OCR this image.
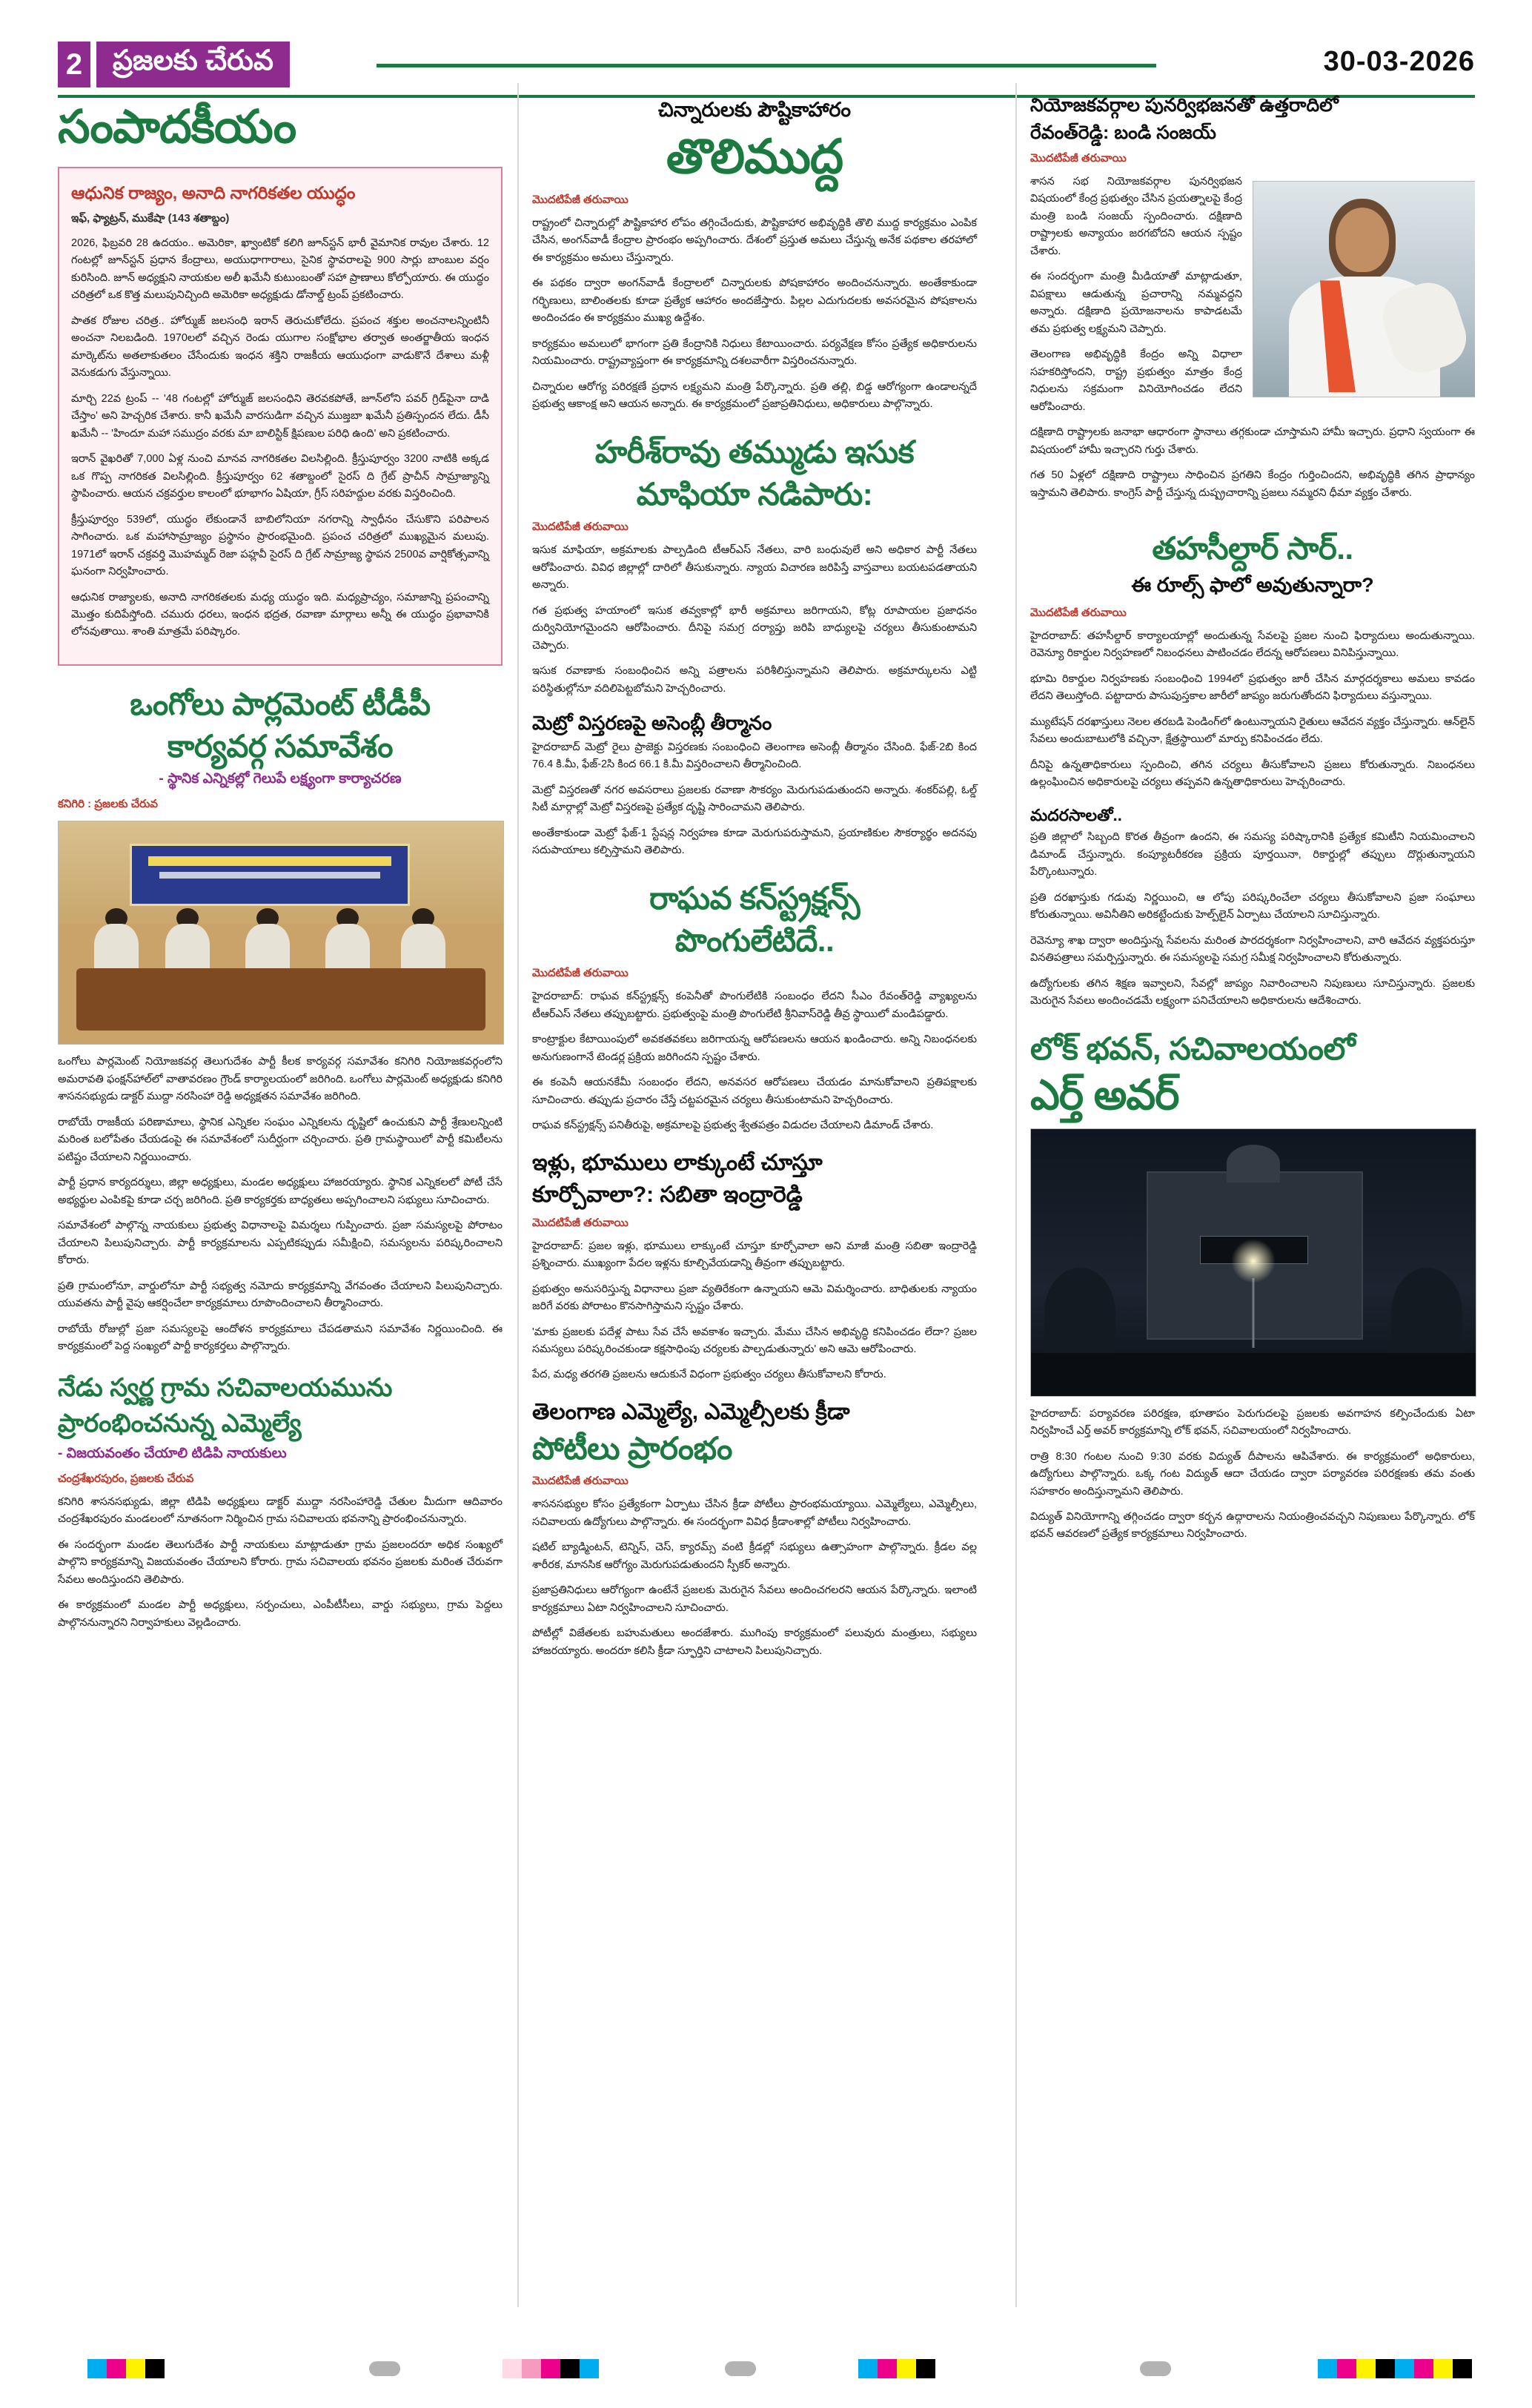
2	ప్రజలకు చేరువ	30-03-2026
సంపాదకీయం
ఆధునిక రాజ్యం, అనాది నాగరికతల యుద్ధం
ఇఫ్, ఫ్యాట్రన్, ముకేషా (143 శతాబ్దం)

2026, ఫిబ్రవరి 28 ఉదయం.. అమెరికా, ఖ్వాంటికో కలిగి జూన్‌స్టన్ భారీ వైమానిక రావుల చేశారు. 12 గంటల్లో జూన్‌స్టన్‌ ప్రధాన కేంద్రాలు, అయుధాగారాలు, సైనిక స్థావరాలపై 900 సార్లు బాంబుల వర్షం కురిసింది. జూన్ అధ్యక్షుని నాయకుల అలీ ఖమేనీ కుటుంబంతో సహా ప్రాణాలు కోల్పోయారు. ఈ యుద్ధం చరిత్రలో ఒక కొత్త మలుపునిచ్చింది అమెరికా అధ్యక్షుడు డోనాల్డ్ ట్రంప్ ప్రకటించారు.

పాతక రోజుల చరిత్ర.. హోర్ముజ్ జలసంధి ఇరాన్ తెరుచుకోలేదు. ప్రపంచ శక్తుల అంచనాలన్నింటినీ అంచనా నిలబడింది. 1970లలో వచ్చిన రెండు యుగాల సంక్షోభాల తర్వాత అంతర్జాతీయ ఇంధన మార్కెట్‌ను అతలాకుతలం చేసేందుకు ఇంధన శక్తిని రాజకీయ ఆయుధంగా వాడుకొనే దేశాలు మళ్లీ వెనుకడుగు వేస్తున్నాయి.

మార్చి 22వ ట్రంప్ -- '48 గంటల్లో హోర్ముజ్ జలసంధిని తెరవకపోతే, జూన్‌లోని పవర్ గ్రిడ్‌పైనా దాడి చేస్తాం' అని హెచ్చరిక చేశారు. కానీ ఖమేనీ వారసుడిగా వచ్చిన ముజ్తబా ఖమేనీ ప్రతిస్పందన లేదు. డీసీ ఖమేనీ -- 'హిందూ మహా సముద్రం వరకు మా బాలిస్టిక్ క్షిపణుల పరిధి ఉంది' అని ప్రకటించారు.

ఇరాన్ వైఖరితో 7,000 ఏళ్ల నుంచి మానవ నాగరికతల విలసిల్లింది. క్రీస్తుపూర్వం 3200 నాటికి అక్కడ ఒక గొప్ప నాగరికత విలసిల్లింది. క్రీస్తుపూర్వం 62 శతాబ్దంలో సైరస్ ది గ్రేట్ ప్రాచీన్ సామ్రాజ్యాన్ని స్థాపించారు. ఆయన చక్రవర్తుల కాలంలో భూభాగం ఏషియా, గ్రీస్ సరిహద్దుల వరకు విస్తరించింది.

క్రీస్తుపూర్వం 539లో, యుద్ధం లేకుండానే బాబిలోనియా నగరాన్ని స్వాధీనం చేసుకొని పరిపాలన సాగించారు. ఒక మహాసామ్రాజ్యం ప్రస్థానం ప్రారంభమైంది. ప్రపంచ చరిత్రలో ముఖ్యమైన మలుపు. 1971లో ఇరాన్ చక్రవర్తి మొహమ్మద్ రెజా పహ్లవీ సైరస్ ది గ్రేట్ సామ్రాజ్య స్థాపన 2500వ వార్షికోత్సవాన్ని ఘనంగా నిర్వహించారు.

ఆధునిక రాజ్యాలకు, అనాది నాగరికతలకు మధ్య యుద్ధం ఇది. మధ్యప్రాచ్యం, సమాజాన్ని ప్రపంచాన్ని మొత్తం కుదిపేస్తోంది. చమురు ధరలు, ఇంధన భద్రత, రవాణా మార్గాలు అన్నీ ఈ యుద్ధం ప్రభావానికి లోనవుతాయి. శాంతి మాత్రమే పరిష్కారం.

ఒంగోలు పార్లమెంట్ టీడీపీ
కార్యవర్గ సమావేశం
- స్థానిక ఎన్నికల్లో గెలుపే లక్ష్యంగా కార్యాచరణ
కనిగిరి : ప్రజలకు చేరువ

ఒంగోలు పార్లమెంట్ నియోజకవర్గ తెలుగుదేశం పార్టీ కీలక కార్యవర్గ సమావేశం కనిగిరి నియోజకవర్గంలోని అమరావతి ఫంక్షన్‌హాల్‌లో వాతావరణం గ్రౌండ్ కార్యాలయంలో జరిగింది. ఒంగోలు పార్లమెంట్ అధ్యక్షుడు కనిగిరి శాసనసభ్యుడు డాక్టర్ ముద్దా నరసింహా రెడ్డి అధ్యక్షతన సమావేశం జరిగింది.

రాబోయే రాజకీయ పరిణామాలు, స్థానిక ఎన్నికల సంఘం ఎన్నికలను దృష్టిలో ఉంచుకుని పార్టీ శ్రేణులన్నింటి మరింత బలోపేతం చేయడంపై ఈ సమావేశంలో సుదీర్ఘంగా చర్చించారు. ప్రతి గ్రామస్థాయిలో పార్టీ కమిటీలను పటిష్టం చేయాలని నిర్ణయించారు.

పార్టీ ప్రధాన కార్యదర్శులు, జిల్లా అధ్యక్షులు, మండల అధ్యక్షులు హాజరయ్యారు. స్థానిక ఎన్నికలలో పోటీ చేసే అభ్యర్థుల ఎంపికపై కూడా చర్చ జరిగింది. ప్రతి కార్యకర్తకు బాధ్యతలు అప్పగించాలని సభ్యులు సూచించారు.

సమావేశంలో పాల్గొన్న నాయకులు ప్రభుత్వ విధానాలపై విమర్శలు గుప్పించారు. ప్రజా సమస్యలపై పోరాటం చేయాలని పిలుపునిచ్చారు. పార్టీ కార్యక్రమాలను ఎప్పటికప్పుడు సమీక్షించి, సమస్యలను పరిష్కరించాలని కోరారు.

ప్రతి గ్రామంలోనూ, వార్డులోనూ పార్టీ సభ్యత్వ నమోదు కార్యక్రమాన్ని వేగవంతం చేయాలని పిలుపునిచ్చారు. యువతను పార్టీ వైపు ఆకర్షించేలా కార్యక్రమాలు రూపొందించాలని తీర్మానించారు.

రాబోయే రోజుల్లో ప్రజా సమస్యలపై ఆందోళన కార్యక్రమాలు చేపడతామని సమావేశం నిర్ణయించింది. ఈ కార్యక్రమంలో పెద్ద సంఖ్యలో పార్టీ కార్యకర్తలు పాల్గొన్నారు.

నేడు స్వర్ణ గ్రామ సచివాలయమును
ప్రారంభించనున్న ఎమ్మెల్యే
- విజయవంతం చేయాలి టిడిపి నాయకులు
చంద్రశేఖరపురం, ప్రజలకు చేరువ

కనిగిరి శాసనసభ్యుడు, జిల్లా టిడిపి అధ్యక్షులు డాక్టర్ ముద్దా నరసింహారెడ్డి చేతుల మీదుగా ఆదివారం చంద్రశేఖరపురం మండలంలో నూతనంగా నిర్మించిన గ్రామ సచివాలయ భవనాన్ని ప్రారంభించనున్నారు.

ఈ సందర్భంగా మండల తెలుగుదేశం పార్టీ నాయకులు మాట్లాడుతూ గ్రామ ప్రజలందరూ అధిక సంఖ్యలో పాల్గొని కార్యక్రమాన్ని విజయవంతం చేయాలని కోరారు. గ్రామ సచివాలయ భవనం ప్రజలకు మరింత చేరువగా సేవలు అందిస్తుందని తెలిపారు.

ఈ కార్యక్రమంలో మండల పార్టీ అధ్యక్షులు, సర్పంచులు, ఎంపీటీసీలు, వార్డు సభ్యులు, గ్రామ పెద్దలు పాల్గొననున్నారని నిర్వాహకులు వెల్లడించారు.

చిన్నారులకు పౌష్టికాహారం
తొలిముద్ద
మొదటిపేజీ తరువాయి

రాష్ట్రంలో చిన్నారుల్లో పౌష్టికాహార లోపం తగ్గించేందుకు, పౌష్టికాహార అభివృద్ధికి తొలి ముద్ద కార్యక్రమం ఎంపిక చేసిన, అంగన్‌వాడీ కేంద్రాల ప్రారంభం అప్పగించారు. దేశంలో ప్రస్తుత అమలు చేస్తున్న అనేక పథకాల తరహాలో ఈ కార్యక్రమం అమలు చేస్తున్నారు.

ఈ పథకం ద్వారా అంగన్‌వాడీ కేంద్రాలలో చిన్నారులకు పోషకాహారం అందించనున్నారు. అంతేకాకుండా గర్భిణులు, బాలింతలకు కూడా ప్రత్యేక ఆహారం అందజేస్తారు. పిల్లల ఎదుగుదలకు అవసరమైన పోషకాలను అందించడం ఈ కార్యక్రమం ముఖ్య ఉద్దేశం.

కార్యక్రమం అమలులో భాగంగా ప్రతి కేంద్రానికి నిధులు కేటాయించారు. పర్యవేక్షణ కోసం ప్రత్యేక అధికారులను నియమించారు. రాష్ట్రవ్యాప్తంగా ఈ కార్యక్రమాన్ని దశలవారీగా విస్తరించనున్నారు.

చిన్నారుల ఆరోగ్య పరిరక్షణే ప్రధాన లక్ష్యమని మంత్రి పేర్కొన్నారు. ప్రతి తల్లి, బిడ్డ ఆరోగ్యంగా ఉండాలన్నదే ప్రభుత్వ ఆకాంక్ష అని ఆయన అన్నారు. ఈ కార్యక్రమంలో ప్రజాప్రతినిధులు, అధికారులు పాల్గొన్నారు.

హరీశ్‌రావు తమ్ముడు ఇసుక
మాఫియా నడిపారు:
మొదటిపేజీ తరువాయి

ఇసుక మాఫియా, అక్రమాలకు పాల్పడింది టీఆర్ఎస్ నేతలు, వారి బంధువులే అని అధికార పార్టీ నేతలు ఆరోపించారు. వివిధ జిల్లాల్లో దారిలో తీసుకున్నారు. న్యాయ విచారణ జరిపిస్తే వాస్తవాలు బయటపడతాయని అన్నారు.

గత ప్రభుత్వ హయాంలో ఇసుక తవ్వకాల్లో భారీ అక్రమాలు జరిగాయని, కోట్ల రూపాయల ప్రజాధనం దుర్వినియోగమైందని ఆరోపించారు. దీనిపై సమగ్ర దర్యాప్తు జరిపి బాధ్యులపై చర్యలు తీసుకుంటామని చెప్పారు.

ఇసుక రవాణాకు సంబంధించిన అన్ని పత్రాలను పరిశీలిస్తున్నామని తెలిపారు. అక్రమార్కులను ఎట్టి పరిస్థితుల్లోనూ వదిలిపెట్టబోమని హెచ్చరించారు.

మెట్రో విస్తరణపై అసెంబ్లీ తీర్మానం

హైదరాబాద్ మెట్రో రైలు ప్రాజెక్టు విస్తరణకు సంబంధించి తెలంగాణ అసెంబ్లీ తీర్మానం చేసింది. ఫేజ్-2బి కింద 76.4 కి.మీ, ఫేజ్-2సి కింద 66.1 కి.మీ విస్తరించాలని తీర్మానించింది.

మెట్రో విస్తరణతో నగర అవసరాలు ప్రజలకు రవాణా సౌకర్యం మెరుగుపడుతుందని అన్నారు. శంకర్‌పల్లి, ఓల్డ్ సిటీ మార్గాల్లో మెట్రో విస్తరణపై ప్రత్యేక దృష్టి సారించామని తెలిపారు.

అంతేకాకుండా మెట్రో ఫేజ్-1 స్టేషన్ల నిర్వహణ కూడా మెరుగుపరుస్తామని, ప్రయాణికుల సౌకర్యార్థం అదనపు సదుపాయాలు కల్పిస్తామని తెలిపారు.

రాఘవ కన్‌స్ట్రక్షన్స్
పొంగులేటిదే..
మొదటిపేజీ తరువాయి

హైదరాబాద్: రాఘవ కన్‌స్ట్రక్షన్స్ కంపెనీతో పొంగులేటికి సంబంధం లేదని సీఎం రేవంత్‌రెడ్డి వ్యాఖ్యలను టీఆర్ఎస్ నేతలు తప్పుబట్టారు. ప్రభుత్వంపై మంత్రి పొంగులేటి శ్రీనివాస్‌రెడ్డి తీవ్ర స్థాయిలో మండిపడ్డారు.

కాంట్రాక్టుల కేటాయింపులో అవకతవకలు జరిగాయన్న ఆరోపణలను ఆయన ఖండించారు. అన్ని నిబంధనలకు అనుగుణంగానే టెండర్ల ప్రక్రియ జరిగిందని స్పష్టం చేశారు.

ఈ కంపెనీ ఆయనకేమీ సంబంధం లేదని, అనవసర ఆరోపణలు చేయడం మానుకోవాలని ప్రతిపక్షాలకు సూచించారు. తప్పుడు ప్రచారం చేస్తే చట్టపరమైన చర్యలు తీసుకుంటామని హెచ్చరించారు.

రాఘవ కన్‌స్ట్రక్షన్స్ పనితీరుపై, అక్రమాలపై ప్రభుత్వ శ్వేతపత్రం విడుదల చేయాలని డిమాండ్ చేశారు.

ఇళ్లు, భూములు లాక్కుంటే చూస్తూ
కూర్చోవాలా?: సబితా ఇంద్రారెడ్డి
మొదటిపేజీ తరువాయి

హైదరాబాద్: ప్రజల ఇళ్లు, భూములు లాక్కుంటే చూస్తూ కూర్చోవాలా అని మాజీ మంత్రి సబితా ఇంద్రారెడ్డి ప్రశ్నించారు. ముఖ్యంగా పేదల ఇళ్లను కూల్చివేయడాన్ని తీవ్రంగా తప్పుబట్టారు.

ప్రభుత్వం అనుసరిస్తున్న విధానాలు ప్రజా వ్యతిరేకంగా ఉన్నాయని ఆమె విమర్శించారు. బాధితులకు న్యాయం జరిగే వరకు పోరాటం కొనసాగిస్తామని స్పష్టం చేశారు.

'మాకు ప్రజలకు పదేళ్ల పాటు సేవ చేసే అవకాశం ఇచ్చారు. మేము చేసిన అభివృద్ధి కనిపించడం లేదా? ప్రజల సమస్యలు పరిష్కరించకుండా కక్షసాధింపు చర్యలకు పాల్పడుతున్నారు' అని ఆమె ఆరోపించారు.

పేద, మధ్య తరగతి ప్రజలను ఆదుకునే విధంగా ప్రభుత్వం చర్యలు తీసుకోవాలని కోరారు.

తెలంగాణ ఎమ్మెల్యే, ఎమ్మెల్సీలకు క్రీడా
పోటీలు ప్రారంభం
మొదటిపేజీ తరువాయి

శాసనసభ్యుల కోసం ప్రత్యేకంగా ఏర్పాటు చేసిన క్రీడా పోటీలు ప్రారంభమయ్యాయి. ఎమ్మెల్యేలు, ఎమ్మెల్సీలు, సచివాలయ ఉద్యోగులు పాల్గొన్నారు. ఈ సందర్భంగా వివిధ క్రీడాంశాల్లో పోటీలు నిర్వహించారు.

షటిల్ బ్యాడ్మింటన్, టెన్నిస్, చెస్, క్యారమ్స్ వంటి క్రీడల్లో సభ్యులు ఉత్సాహంగా పాల్గొన్నారు. క్రీడల వల్ల శారీరక, మానసిక ఆరోగ్యం మెరుగుపడుతుందని స్పీకర్ అన్నారు.

ప్రజాప్రతినిధులు ఆరోగ్యంగా ఉంటేనే ప్రజలకు మెరుగైన సేవలు అందించగలరని ఆయన పేర్కొన్నారు. ఇలాంటి కార్యక్రమాలు ఏటా నిర్వహించాలని సూచించారు.

పోటీల్లో విజేతలకు బహుమతులు అందజేశారు. ముగింపు కార్యక్రమంలో పలువురు మంత్రులు, సభ్యులు హాజరయ్యారు. అందరూ కలిసి క్రీడా స్ఫూర్తిని చాటాలని పిలుపునిచ్చారు.

నియోజకవర్గాల పునర్విభజనతో ఉత్తరాదిలో
రేవంత్‌రెడ్డి: బండి సంజయ్
మొదటిపేజీ తరువాయి

శాసన సభ నియోజకవర్గాల పునర్విభజన విషయంలో కేంద్ర ప్రభుత్వం చేసిన ప్రయత్నాలపై కేంద్ర మంత్రి బండి సంజయ్ స్పందించారు. దక్షిణాది రాష్ట్రాలకు అన్యాయం జరగబోదని ఆయన స్పష్టం చేశారు.

ఈ సందర్భంగా మంత్రి మీడియాతో మాట్లాడుతూ, విపక్షాలు ఆడుతున్న ప్రచారాన్ని నమ్మవద్దని అన్నారు. దక్షిణాది ప్రయోజనాలను కాపాడటమే తమ ప్రభుత్వ లక్ష్యమని చెప్పారు.

తెలంగాణ అభివృద్ధికి కేంద్రం అన్ని విధాలా సహకరిస్తోందని, రాష్ట్ర ప్రభుత్వం మాత్రం కేంద్ర నిధులను సక్రమంగా వినియోగించడం లేదని ఆరోపించారు.

దక్షిణాది రాష్ట్రాలకు జనాభా ఆధారంగా స్థానాలు తగ్గకుండా చూస్తామని హామీ ఇచ్చారు. ప్రధాని స్వయంగా ఈ విషయంలో హామీ ఇచ్చారని గుర్తు చేశారు.

గత 50 ఏళ్లలో దక్షిణాది రాష్ట్రాలు సాధించిన ప్రగతిని కేంద్రం గుర్తించిందని, అభివృద్ధికి తగిన ప్రాధాన్యం ఇస్తామని తెలిపారు. కాంగ్రెస్ పార్టీ చేస్తున్న దుష్ప్రచారాన్ని ప్రజలు నమ్మరని ధీమా వ్యక్తం చేశారు.

తహసీల్దార్ సార్..
ఈ రూల్స్ ఫాలో అవుతున్నారా?
మొదటిపేజీ తరువాయి

హైదరాబాద్: తహసీల్దార్ కార్యాలయాల్లో అందుతున్న సేవలపై ప్రజల నుంచి ఫిర్యాదులు అందుతున్నాయి. రెవెన్యూ రికార్డుల నిర్వహణలో నిబంధనలు పాటించడం లేదన్న ఆరోపణలు వినిపిస్తున్నాయి.

భూమి రికార్డుల నిర్వహణకు సంబంధించి 1994లో ప్రభుత్వం జారీ చేసిన మార్గదర్శకాలు అమలు కావడం లేదని తెలుస్తోంది. పట్టాదారు పాసుపుస్తకాల జారీలో జాప్యం జరుగుతోందని ఫిర్యాదులు వస్తున్నాయి.

మ్యుటేషన్ దరఖాస్తులు నెలల తరబడి పెండింగ్‌లో ఉంటున్నాయని రైతులు ఆవేదన వ్యక్తం చేస్తున్నారు. ఆన్‌లైన్ సేవలు అందుబాటులోకి వచ్చినా, క్షేత్రస్థాయిలో మార్పు కనిపించడం లేదు.

దీనిపై ఉన్నతాధికారులు స్పందించి, తగిన చర్యలు తీసుకోవాలని ప్రజలు కోరుతున్నారు. నిబంధనలు ఉల్లంఘించిన అధికారులపై చర్యలు తప్పవని ఉన్నతాధికారులు హెచ్చరించారు.

మదరసాలతో..

ప్రతి జిల్లాలో సిబ్బంది కొరత తీవ్రంగా ఉందని, ఈ సమస్య పరిష్కారానికి ప్రత్యేక కమిటీని నియమించాలని డిమాండ్ చేస్తున్నారు. కంప్యూటరీకరణ ప్రక్రియ పూర్తయినా, రికార్డుల్లో తప్పులు దొర్లుతున్నాయని పేర్కొంటున్నారు.

ప్రతి దరఖాస్తుకు గడువు నిర్ణయించి, ఆ లోపు పరిష్కరించేలా చర్యలు తీసుకోవాలని ప్రజా సంఘాలు కోరుతున్నాయి. అవినీతిని అరికట్టేందుకు హెల్ప్‌లైన్ ఏర్పాటు చేయాలని సూచిస్తున్నారు.

రెవెన్యూ శాఖ ద్వారా అందిస్తున్న సేవలను మరింత పారదర్శకంగా నిర్వహించాలని, వారి ఆవేదన వ్యక్తపరుస్తూ వినతిపత్రాలు సమర్పిస్తున్నారు. ఈ సమస్యలపై సమగ్ర సమీక్ష నిర్వహించాలని కోరుతున్నారు.

ఉద్యోగులకు తగిన శిక్షణ ఇవ్వాలని, సేవల్లో జాప్యం నివారించాలని నిపుణులు సూచిస్తున్నారు. ప్రజలకు మెరుగైన సేవలు అందించడమే లక్ష్యంగా పనిచేయాలని అధికారులను ఆదేశించారు.

లోక్ భవన్, సచివాలయంలో
ఎర్త్ అవర్

హైదరాబాద్: పర్యావరణ పరిరక్షణ, భూతాపం పెరుగుదలపై ప్రజలకు అవగాహన కల్పించేందుకు ఏటా నిర్వహించే ఎర్త్ అవర్ కార్యక్రమాన్ని లోక్ భవన్, సచివాలయంలో నిర్వహించారు.

రాత్రి 8:30 గంటల నుంచి 9:30 వరకు విద్యుత్ దీపాలను ఆపివేశారు. ఈ కార్యక్రమంలో అధికారులు, ఉద్యోగులు పాల్గొన్నారు. ఒక్క గంట విద్యుత్ ఆదా చేయడం ద్వారా పర్యావరణ పరిరక్షణకు తమ వంతు సహకారం అందిస్తున్నామని తెలిపారు.

విద్యుత్ వినియోగాన్ని తగ్గించడం ద్వారా కర్బన ఉద్గారాలను నియంత్రించవచ్చని నిపుణులు పేర్కొన్నారు. లోక్ భవన్ ఆవరణలో ప్రత్యేక కార్యక్రమాలు నిర్వహించారు.
